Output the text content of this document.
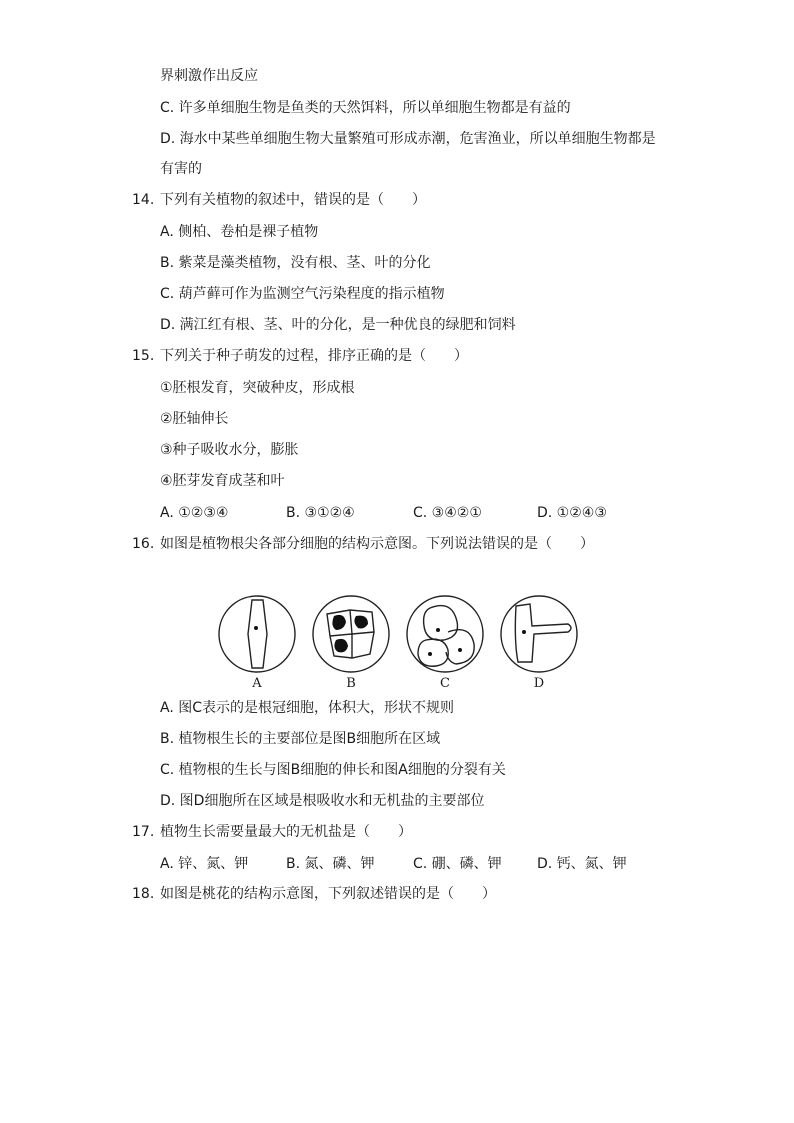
界刺激作出反应
C. 许多单细胞生物是鱼类的天然饵料，所以单细胞生物都是有益的
D. 海水中某些单细胞生物大量繁殖可形成赤潮，危害渔业，所以单细胞生物都是
有害的
14. 下列有关植物的叙述中，错误的是（　　）
A. 侧柏、卷柏是裸子植物
B. 紫菜是藻类植物，没有根、茎、叶的分化
C. 葫芦藓可作为监测空气污染程度的指示植物
D. 满江红有根、茎、叶的分化，是一种优良的绿肥和饲料
15. 下列关于种子萌发的过程，排序正确的是（　　）
①胚根发育，突破种皮，形成根
②胚轴伸长
③种子吸收水分，膨胀
④胚芽发育成茎和叶
A. ①②③④	B. ③①②④	C. ③④②①	D. ①②④③
16. 如图是植物根尖各部分细胞的结构示意图。下列说法错误的是（　　）
A	B	C	D
A. 图C表示的是根冠细胞，体积大，形状不规则
B. 植物根生长的主要部位是图B细胞所在区域
C. 植物根的生长与图B细胞的伸长和图A细胞的分裂有关
D. 图D细胞所在区域是根吸收水和无机盐的主要部位
17. 植物生长需要量最大的无机盐是（　　）
A. 锌、氮、钾	B. 氮、磷、钾	C. 硼、磷、钾	D. 钙、氮、钾
18. 如图是桃花的结构示意图，下列叙述错误的是（　　）
